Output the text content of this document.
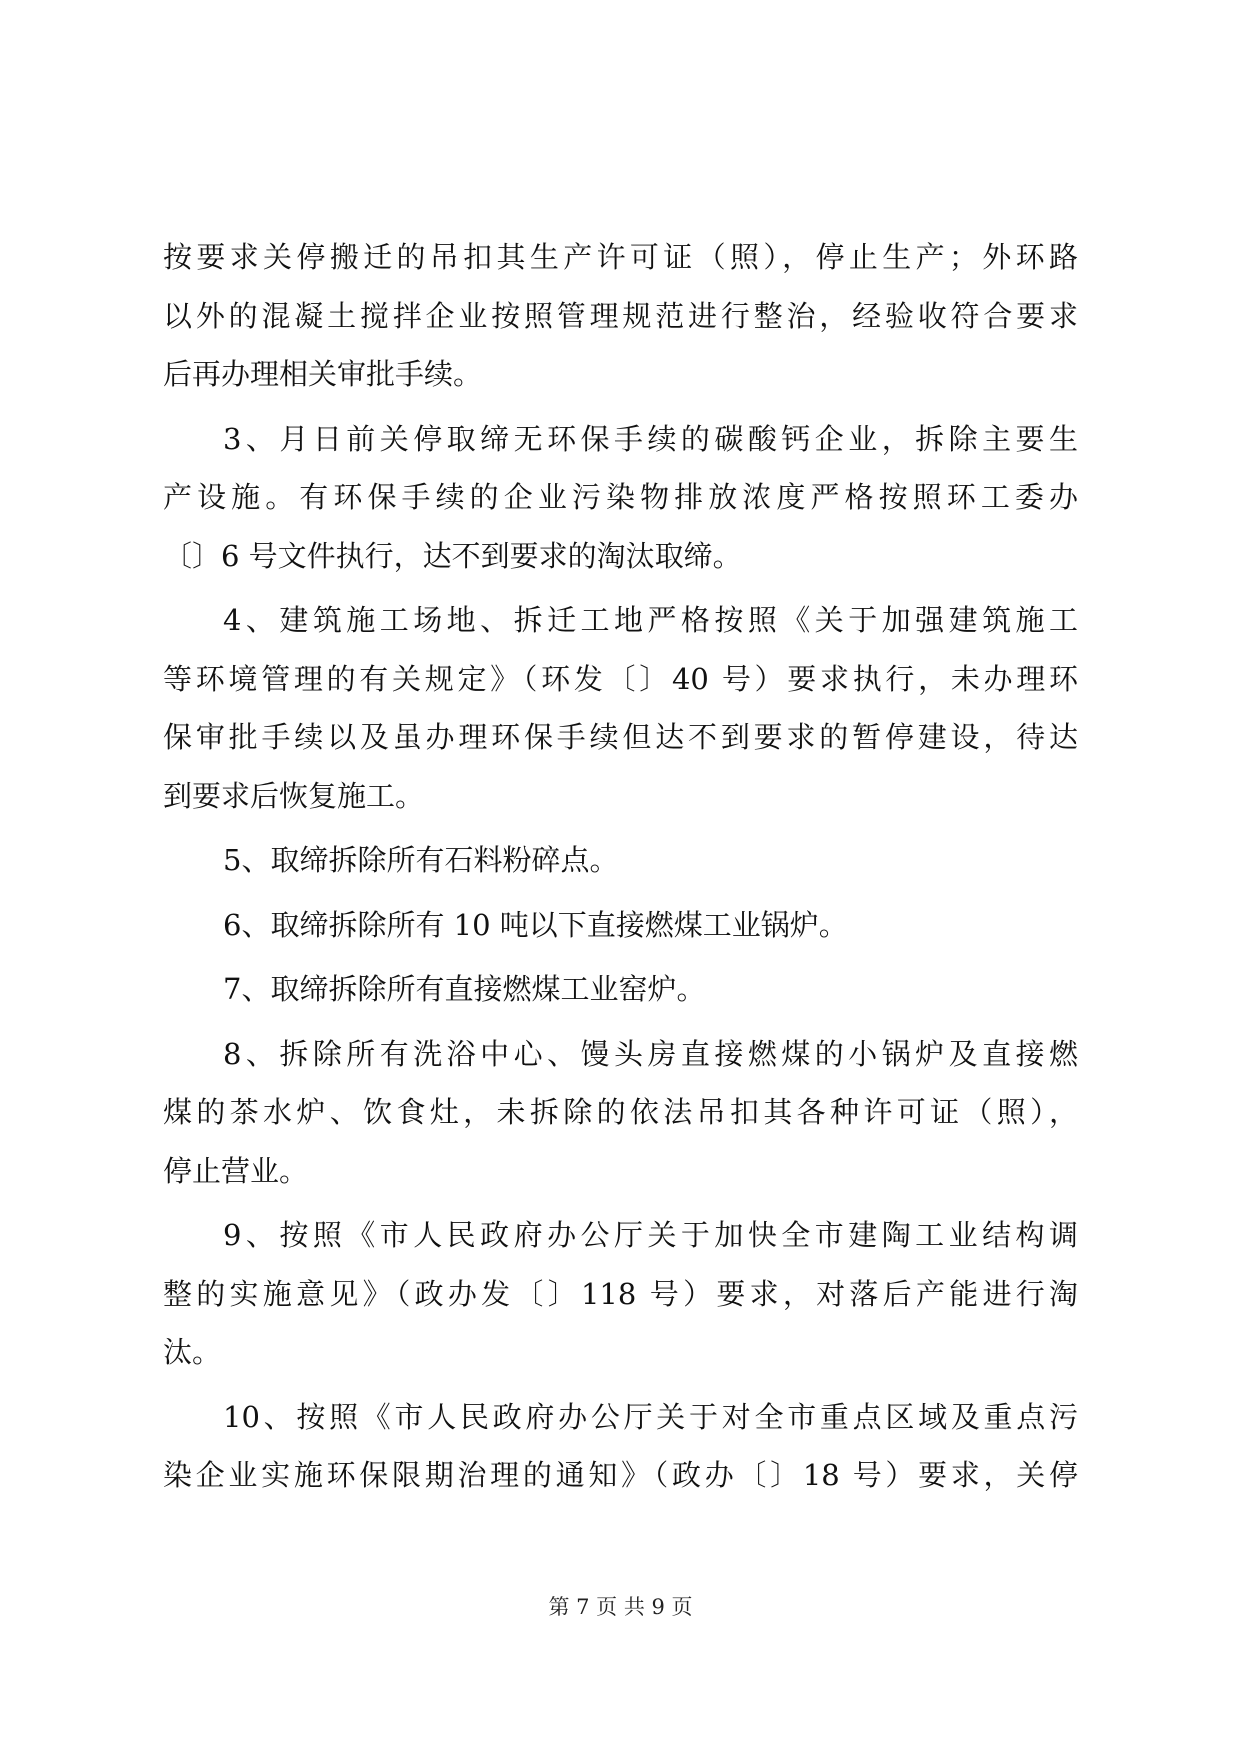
按要求关停搬迁的吊扣其生产许可证（照），停止生产；外环路
以外的混凝土搅拌企业按照管理规范进行整治，经验收符合要求
后再办理相关审批手续。
3、月日前关停取缔无环保手续的碳酸钙企业，拆除主要生
产设施。有环保手续的企业污染物排放浓度严格按照环工委办
〔〕6 号文件执行，达不到要求的淘汰取缔。
4、建筑施工场地、拆迁工地严格按照《关于加强建筑施工
等环境管理的有关规定》（环发〔〕40 号）要求执行，未办理环
保审批手续以及虽办理环保手续但达不到要求的暂停建设，待达
到要求后恢复施工。
5、取缔拆除所有石料粉碎点。
6、取缔拆除所有 10 吨以下直接燃煤工业锅炉。
7、取缔拆除所有直接燃煤工业窑炉。
8、拆除所有洗浴中心、馒头房直接燃煤的小锅炉及直接燃
煤的茶水炉、饮食灶，未拆除的依法吊扣其各种许可证（照），
停止营业。
9、按照《市人民政府办公厅关于加快全市建陶工业结构调
整的实施意见》（政办发〔〕118 号）要求，对落后产能进行淘
汰。
10、按照《市人民政府办公厅关于对全市重点区域及重点污
染企业实施环保限期治理的通知》（政办〔〕18 号）要求，关停
第 7 页 共 9 页
